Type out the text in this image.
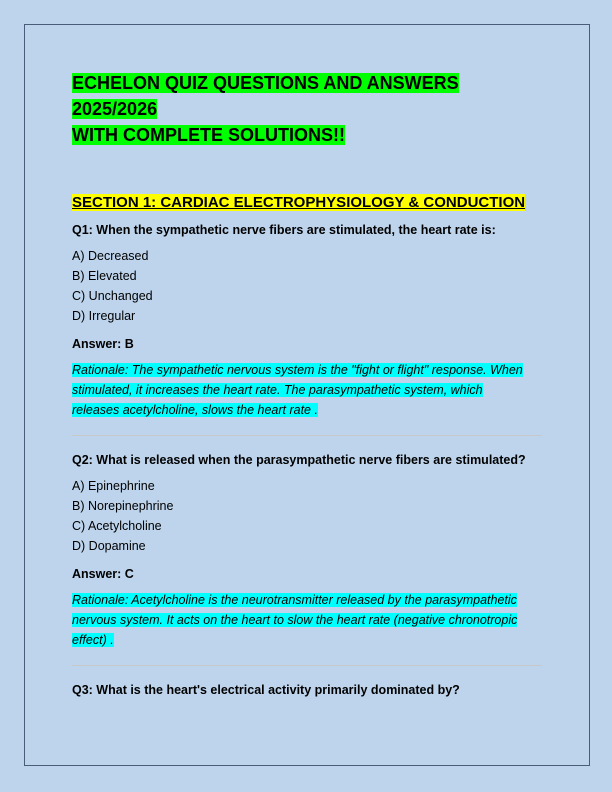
ECHELON QUIZ QUESTIONS AND ANSWERS 2025/2026
WITH COMPLETE SOLUTIONS!!
SECTION 1: CARDIAC ELECTROPHYSIOLOGY & CONDUCTION

Q1: When the sympathetic nerve fibers are stimulated, the heart rate is:

A) Decreased

B) Elevated

C) Unchanged

D) Irregular

Answer: B

Rationale: The sympathetic nervous system is the "fight or flight" response. When
stimulated, it increases the heart rate. The parasympathetic system, which
releases acetylcholine, slows the heart rate .

Q2: What is released when the parasympathetic nerve fibers are stimulated?

A) Epinephrine

B) Norepinephrine

C) Acetylcholine

D) Dopamine

Answer: C

Rationale: Acetylcholine is the neurotransmitter released by the parasympathetic
nervous system. It acts on the heart to slow the heart rate (negative chronotropic
effect) .

Q3: What is the heart's electrical activity primarily dominated by?
